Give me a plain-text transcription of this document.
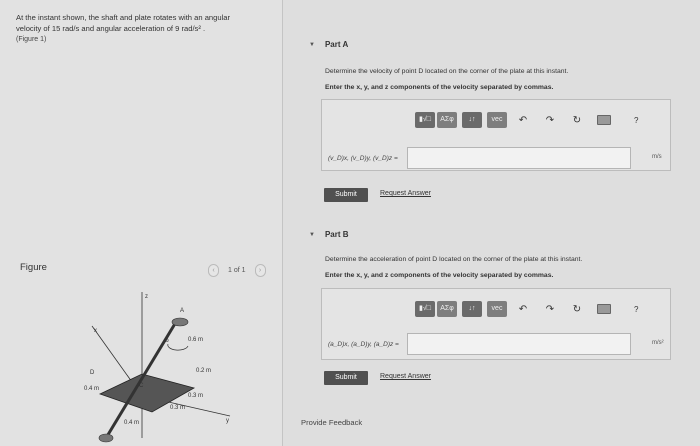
At the instant shown, the shaft and plate rotates with an angular
velocity of 15 rad/s and angular acceleration of 9 rad/s² .
(Figure 1)
Figure	‹	1 of 1	›
ω
z
x
y
D
C
A
0.6 m
0.2 m
0.4 m
0.3 m
0.3 m
0.4 m
▼ Part A
Determine the velocity of point D located on the corner of the plate at this instant.
Enter the x, y, and z components of the velocity separated by commas.
▮√□	AΣφ	↓↑	vec	↶	↷	↻	?
(v_D)x, (v_D)y, (v_D)z =	m/s
Submit	Request Answer
▼ Part B
Determine the acceleration of point D located on the corner of the plate at this instant.
Enter the x, y, and z components of the velocity separated by commas.
▮√□	AΣφ	↓↑	vec	↶	↷	↻	?
(a_D)x, (a_D)y, (a_D)z =	m/s²
Submit	Request Answer
Provide Feedback
